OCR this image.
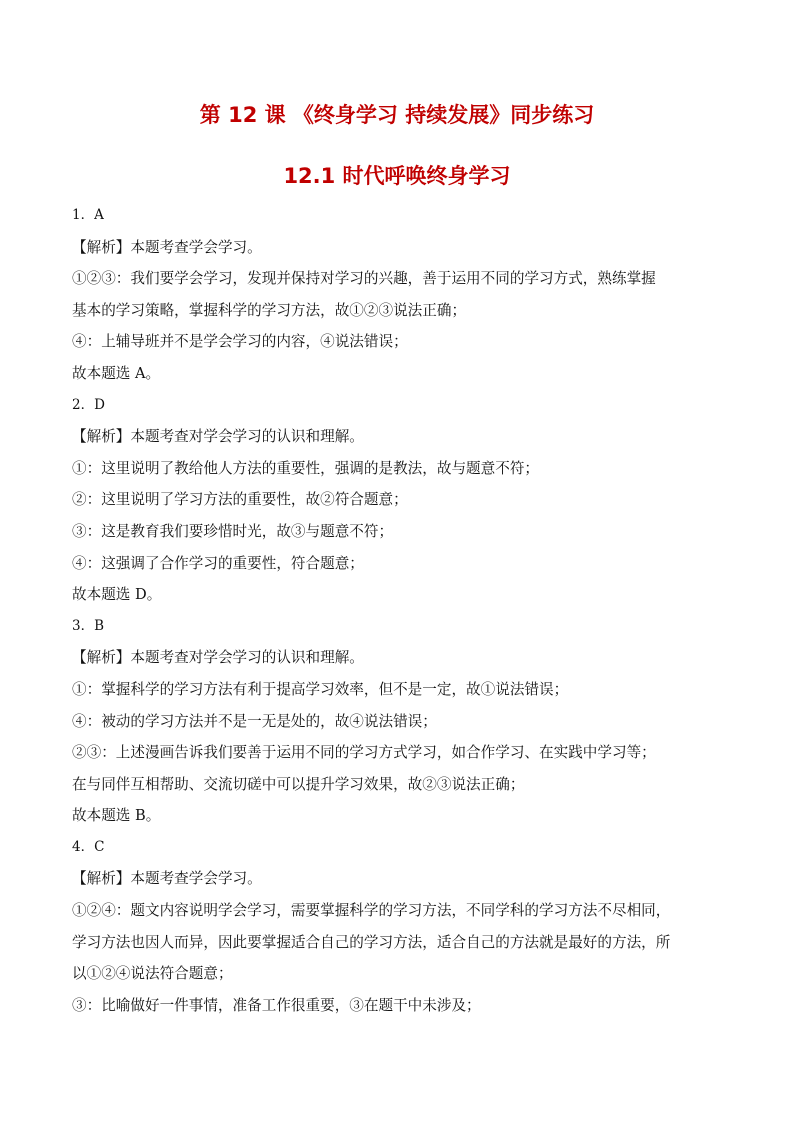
第 12 课 《终身学习 持续发展》同步练习
12.1 时代呼唤终身学习
1．A
【解析】本题考查学会学习。
①②③：我们要学会学习，发现并保持对学习的兴趣，善于运用不同的学习方式，熟练掌握
基本的学习策略，掌握科学的学习方法，故①②③说法正确；
④：上辅导班并不是学会学习的内容，④说法错误；
故本题选 A。
2．D
【解析】本题考查对学会学习的认识和理解。
①：这里说明了教给他人方法的重要性，强调的是教法，故与题意不符；
②：这里说明了学习方法的重要性，故②符合题意；
③：这是教育我们要珍惜时光，故③与题意不符；
④：这强调了合作学习的重要性，符合题意；
故本题选 D。
3．B
【解析】本题考查对学会学习的认识和理解。
①：掌握科学的学习方法有利于提高学习效率，但不是一定，故①说法错误；
④：被动的学习方法并不是一无是处的，故④说法错误；
②③：上述漫画告诉我们要善于运用不同的学习方式学习，如合作学习、在实践中学习等；
在与同伴互相帮助、交流切磋中可以提升学习效果，故②③说法正确；
故本题选 B。
4．C
【解析】本题考查学会学习。
①②④：题文内容说明学会学习，需要掌握科学的学习方法，不同学科的学习方法不尽相同，
学习方法也因人而异，因此要掌握适合自己的学习方法，适合自己的方法就是最好的方法，所
以①②④说法符合题意；
③：比喻做好一件事情，准备工作很重要，③在题干中未涉及；
